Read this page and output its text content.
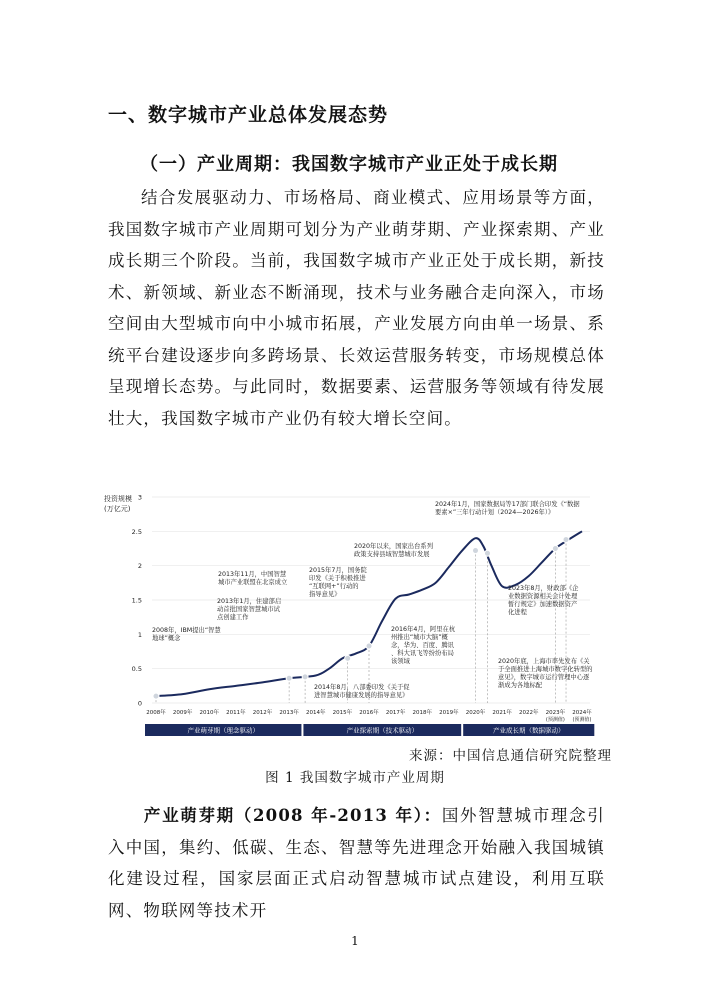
一、数字城市产业总体发展态势
（一）产业周期：我国数字城市产业正处于成长期

结合发展驱动力、市场格局、商业模式、应用场景等方面，我国数字城市产业周期可划分为产业萌芽期、产业探索期、产业成长期三个阶段。当前，我国数字城市产业正处于成长期，新技术、新领域、新业态不断涌现，技术与业务融合走向深入，市场空间由大型城市向中小城市拓展，产业发展方向由单一场景、系统平台建设逐步向多跨场景、长效运营服务转变，市场规模总体呈现增长态势。与此同时，数据要素、运营服务等领域有待发展壮大，我国数字城市产业仍有较大增长空间。

投资规模
(万亿元)
0
0.5
1
1.5
2
2.5
3
2008年 2009年 2010年 2011年 2012年 2013年 2014年 2015年 2016年 2017年 2018年 2019年 2020年 2021年 2022年 2023年
(预测值)
2024年
(预测值)
2008年，IBM提出“智慧地球”概念
2013年1月，住建部启动首批国家智慧城市试点创建工作
2013年11月，中国智慧城市产业联盟在北京成立
2015年7月，国务院印发《关于积极推进“互联网+”行动的指导意见》
2014年8月，八部委印发《关于促进智慧城市健康发展的指导意见》
2016年4月，阿里在杭州推出“城市大脑”概念，华为、百度、腾讯、科大讯飞等纷纷布局该领域
2020年以来，国家出台系列政策支持县域智慧城市发展
2020年底，上海市率先发布《关于全面推进上海城市数字化转型的意见》，数字城市运行管理中心逐渐成为各地标配
2023年8月，财政部《企业数据资源相关会计处理暂行规定》加速数据资产化进程
2024年1月，国家数据局等17部门联合印发《“数据要素×”三年行动计划（2024—2026年）》
产业萌芽期（理念驱动）	产业探索期（技术驱动）	产业成长期（数据驱动）
来源：中国信息通信研究院整理
图 1 我国数字城市产业周期

  产业萌芽期（2008 年-2013 年）：国外智慧城市理念引入中国，集约、低碳、生态、智慧等先进理念开始融入我国城镇化建设过程，国家层面正式启动智慧城市试点建设，利用互联网、物联网等技术开

1
